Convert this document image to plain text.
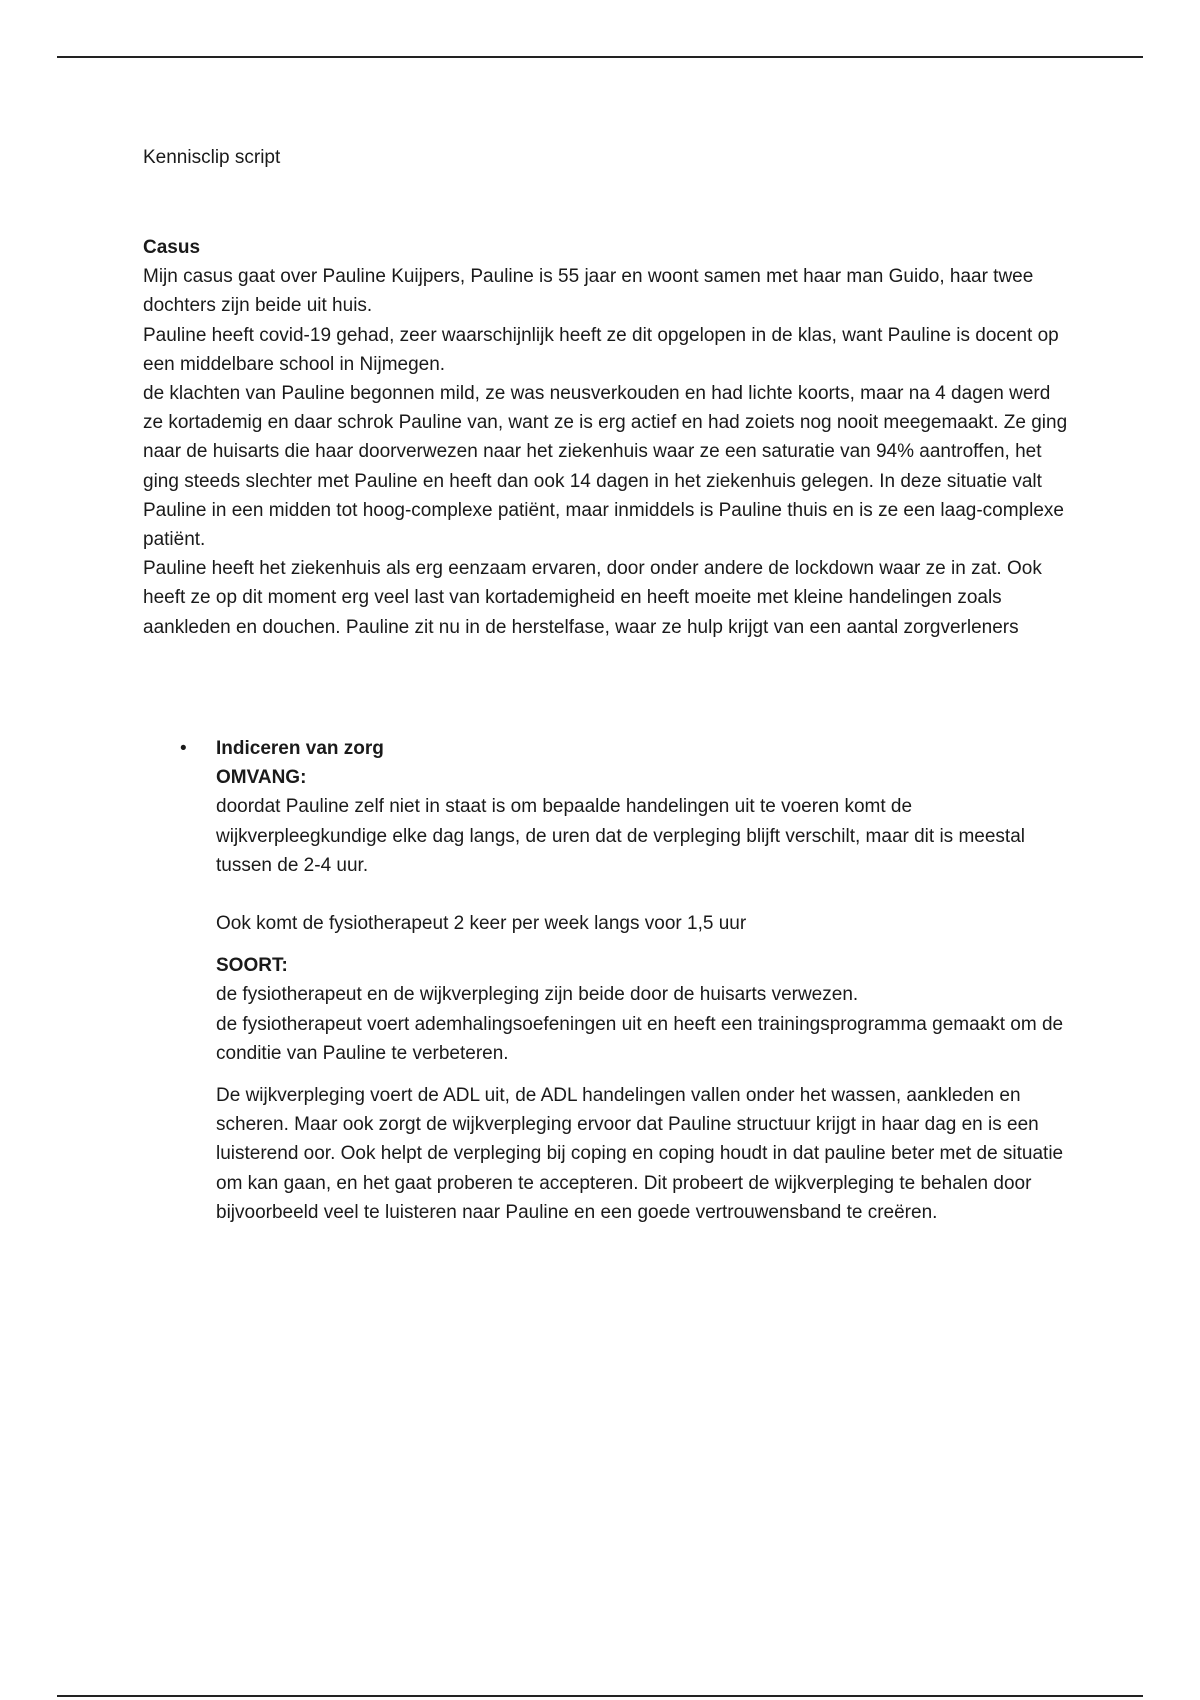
Kennisclip script
Casus

Mijn casus gaat over Pauline Kuijpers, Pauline is 55 jaar en woont samen met haar man Guido, haar twee dochters zijn beide uit huis.

Pauline heeft covid-19 gehad, zeer waarschijnlijk heeft ze dit opgelopen in de klas, want Pauline is docent op een middelbare school in Nijmegen.

de klachten van Pauline begonnen mild, ze was neusverkouden en had lichte koorts, maar na 4 dagen werd ze kortademig en daar schrok Pauline van, want ze is erg actief en had zoiets nog nooit meegemaakt. Ze ging naar de huisarts die haar doorverwezen naar het ziekenhuis waar ze een saturatie van 94% aantroffen, het ging steeds slechter met Pauline en heeft dan ook 14 dagen in het ziekenhuis gelegen. In deze situatie valt Pauline in een midden tot hoog-complexe patiënt, maar inmiddels is Pauline thuis en is ze een laag-complexe patiënt.

Pauline heeft het ziekenhuis als erg eenzaam ervaren, door onder andere de lockdown waar ze in zat. Ook heeft ze op dit moment erg veel last van kortademigheid en heeft moeite met kleine handelingen zoals aankleden en douchen. Pauline zit nu in de herstelfase, waar ze hulp krijgt van een aantal zorgverleners

•	Indiceren van zorg

OMVANG:

doordat Pauline zelf niet in staat is om bepaalde handelingen uit te voeren komt de wijkverpleegkundige elke dag langs, de uren dat de verpleging blijft verschilt, maar dit is meestal tussen de 2-4 uur.

Ook komt de fysiotherapeut 2 keer per week langs voor 1,5 uur

SOORT:

de fysiotherapeut en de wijkverpleging zijn beide door de huisarts verwezen.

de fysiotherapeut voert ademhalingsoefeningen uit en heeft een trainingsprogramma gemaakt om de conditie van Pauline te verbeteren.

De wijkverpleging voert de ADL uit, de ADL handelingen vallen onder het wassen, aankleden en scheren. Maar ook zorgt de wijkverpleging ervoor dat Pauline structuur krijgt in haar dag en is een luisterend oor. Ook helpt de verpleging bij coping en coping houdt in dat pauline beter met de situatie om kan gaan, en het gaat proberen te accepteren. Dit probeert de wijkverpleging te behalen door bijvoorbeeld veel te luisteren naar Pauline en een goede vertrouwensband te creëren.
